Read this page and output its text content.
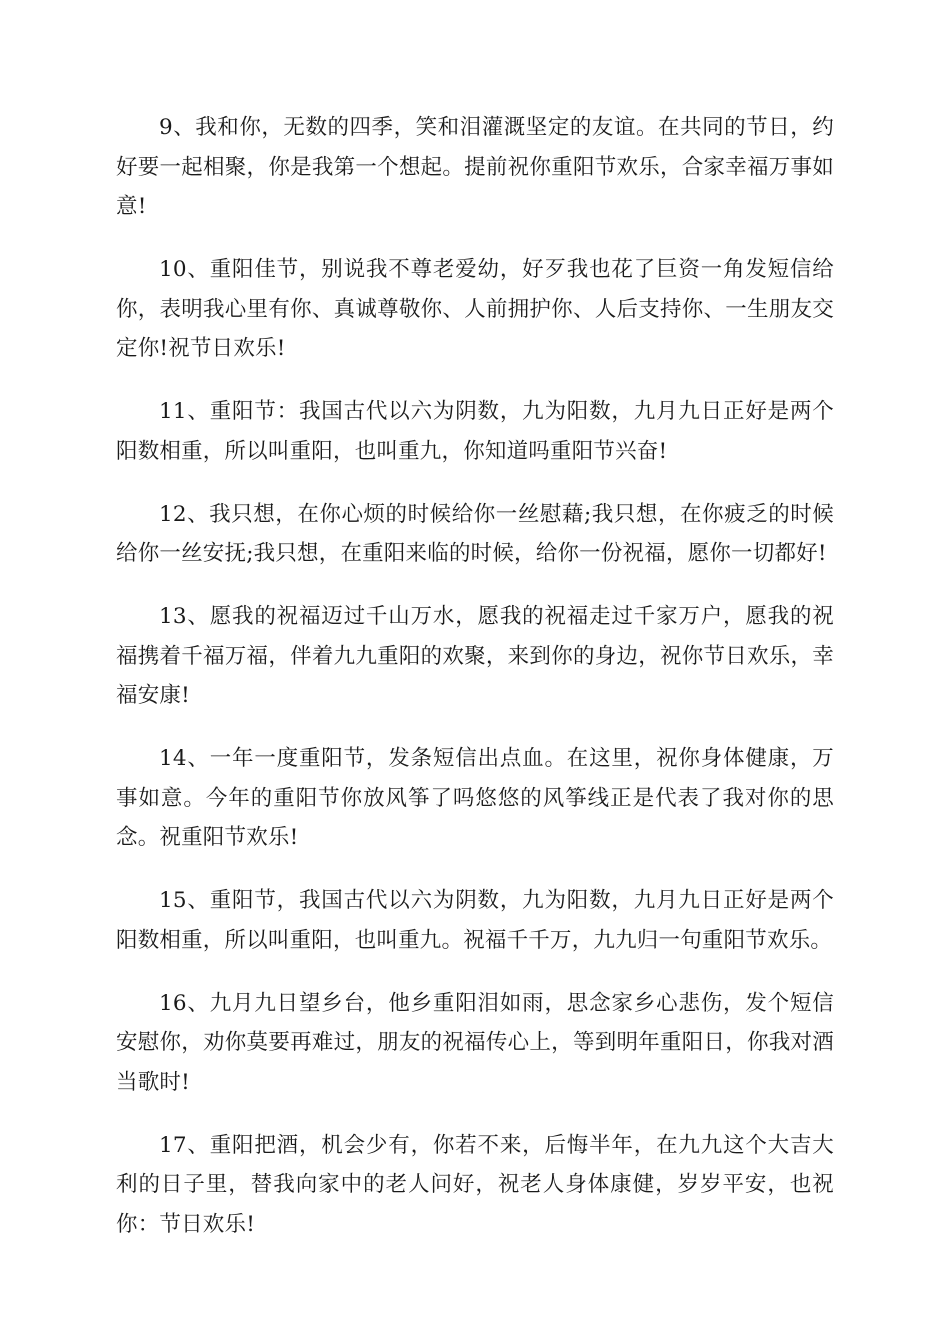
9、我和你，无数的四季，笑和泪灌溉坚定的友谊。在共同的节日，约好要一起相聚，你是我第一个想起。提前祝你重阳节欢乐，合家幸福万事如意!

10、重阳佳节，别说我不尊老爱幼，好歹我也花了巨资一角发短信给你，表明我心里有你、真诚尊敬你、人前拥护你、人后支持你、一生朋友交定你!祝节日欢乐!

11、重阳节：我国古代以六为阴数，九为阳数，九月九日正好是两个阳数相重，所以叫重阳，也叫重九，你知道吗重阳节兴奋!

12、我只想，在你心烦的时候给你一丝慰藉;我只想，在你疲乏的时候给你一丝安抚;我只想，在重阳来临的时候，给你一份祝福，愿你一切都好!

13、愿我的祝福迈过千山万水，愿我的祝福走过千家万户，愿我的祝福携着千福万福，伴着九九重阳的欢聚，来到你的身边，祝你节日欢乐，幸福安康!

14、一年一度重阳节，发条短信出点血。在这里，祝你身体健康，万事如意。今年的重阳节你放风筝了吗悠悠的风筝线正是代表了我对你的思念。祝重阳节欢乐!

15、重阳节，我国古代以六为阴数，九为阳数，九月九日正好是两个阳数相重，所以叫重阳，也叫重九。祝福千千万，九九归一句重阳节欢乐。

16、九月九日望乡台，他乡重阳泪如雨，思念家乡心悲伤，发个短信安慰你，劝你莫要再难过，朋友的祝福传心上，等到明年重阳日，你我对酒当歌时!

17、重阳把酒，机会少有，你若不来，后悔半年，在九九这个大吉大利的日子里，替我向家中的老人问好，祝老人身体康健，岁岁平安，也祝你：节日欢乐!
